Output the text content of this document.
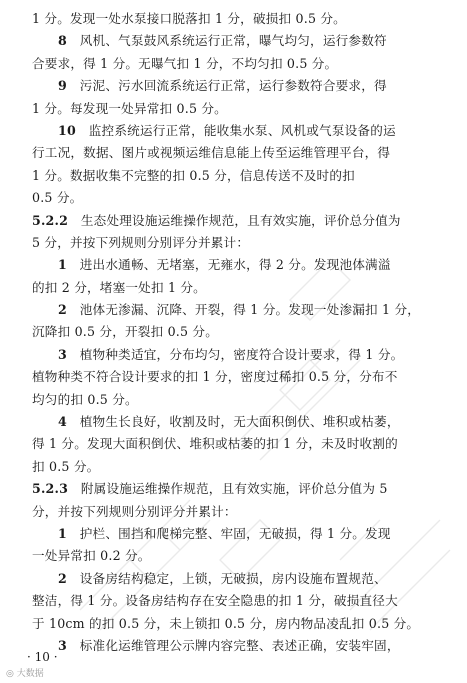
1 分。发现一处水泵接口脱落扣 1 分，破损扣 0.5 分。
8  风机、气泵鼓风系统运行正常，曝气均匀，运行参数符
合要求，得 1 分。无曝气扣 1 分，不均匀扣 0.5 分。
9  污泥、污水回流系统运行正常，运行参数符合要求，得
1 分。每发现一处异常扣 0.5 分。
10  监控系统运行正常，能收集水泵、风机或气泵设备的运
行工况，数据、图片或视频运维信息能上传至运维管理平台，得
1 分。数据收集不完整的扣 0.5 分，信息传送不及时的扣
0.5 分。
5.2.2  生态处理设施运维操作规范，且有效实施，评价总分值为
5 分，并按下列规则分别评分并累计：
1  进出水通畅、无堵塞，无雍水，得 2 分。发现池体满溢
的扣 2 分，堵塞一处扣 1 分。
2  池体无渗漏、沉降、开裂，得 1 分。发现一处渗漏扣 1 分，
沉降扣 0.5 分，开裂扣 0.5 分。
3  植物种类适宜，分布均匀，密度符合设计要求，得 1 分。
植物种类不符合设计要求的扣 1 分，密度过稀扣 0.5 分，分布不
均匀的扣 0.5 分。
4  植物生长良好，收割及时，无大面积倒伏、堆积或枯萎，
得 1 分。发现大面积倒伏、堆积或枯萎的扣 1 分，未及时收割的
扣 0.5 分。
5.2.3  附属设施运维操作规范，且有效实施，评价总分值为 5
分，并按下列规则分别评分并累计：
1  护栏、围挡和爬梯完整、牢固，无破损，得 1 分。发现
一处异常扣 0.2 分。
2  设备房结构稳定，上锁，无破损，房内设施布置规范、
整洁，得 1 分。设备房结构存在安全隐患的扣 1 分，破损直径大
于 10cm 的扣 0.5 分，未上锁扣 0.5 分，房内物品凌乱扣 0.5 分。
3  标准化运维管理公示牌内容完整、表述正确，安装牢固，
· 10 ·
◎ 大数据
